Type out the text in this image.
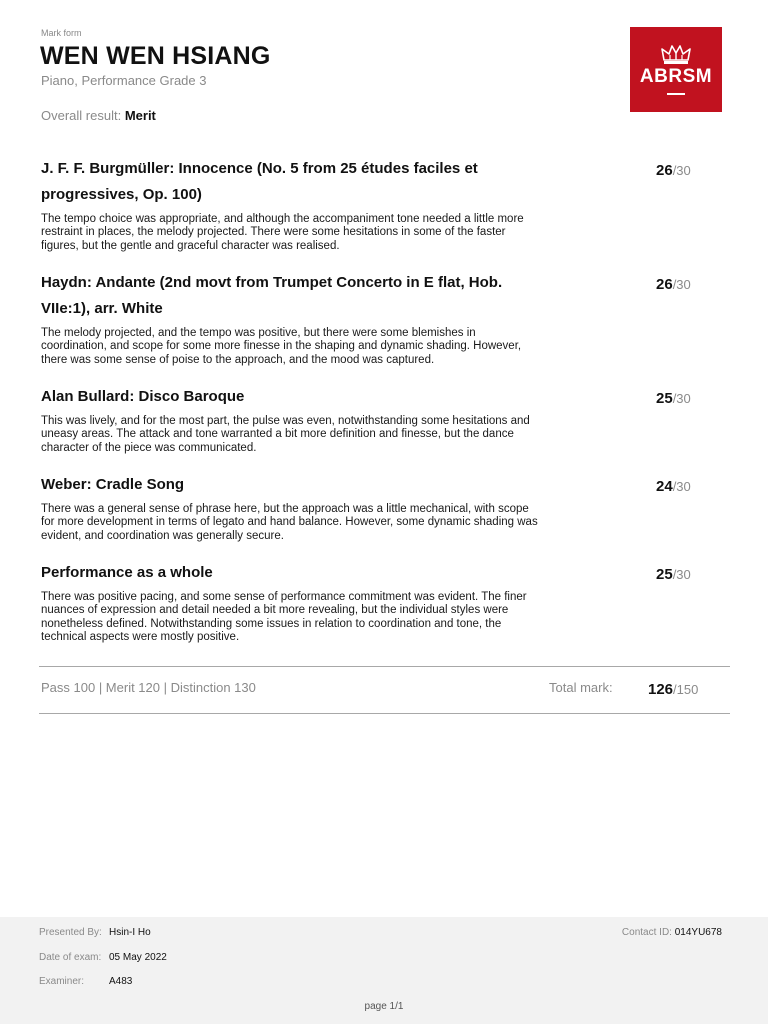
Mark form
WEN WEN HSIANG
Piano, Performance Grade 3
Overall result: Merit
ABRSM
J. F. F. Burgmüller: Innocence (No. 5 from 25 études faciles et progressives, Op. 100)
The tempo choice was appropriate, and although the accompaniment tone needed a little more restraint in places, the melody projected. There were some hesitations in some of the faster figures, but the gentle and graceful character was realised.
26/30
Haydn: Andante (2nd movt from Trumpet Concerto in E flat, Hob. VIIe:1), arr. White
The melody projected, and the tempo was positive, but there were some blemishes in coordination, and scope for some more finesse in the shaping and dynamic shading. However, there was some sense of poise to the approach, and the mood was captured.
26/30
Alan Bullard: Disco Baroque
This was lively, and for the most part, the pulse was even, notwithstanding some hesitations and uneasy areas. The attack and tone warranted a bit more definition and finesse, but the dance character of the piece was communicated.
25/30
Weber: Cradle Song
There was a general sense of phrase here, but the approach was a little mechanical, with scope for more development in terms of legato and hand balance. However, some dynamic shading was evident, and coordination was generally secure.
24/30
Performance as a whole
There was positive pacing, and some sense of performance commitment was evident. The finer nuances of expression and detail needed a bit more revealing, but the individual styles were nonetheless defined. Notwithstanding some issues in relation to coordination and tone, the technical aspects were mostly positive.
25/30
Pass 100 | Merit 120 | Distinction 130	Total mark: 126/150
Presented By: Hsin-I Ho
Date of exam: 05 May 2022
Examiner: A483
Contact ID: 014YU678
page 1/1
